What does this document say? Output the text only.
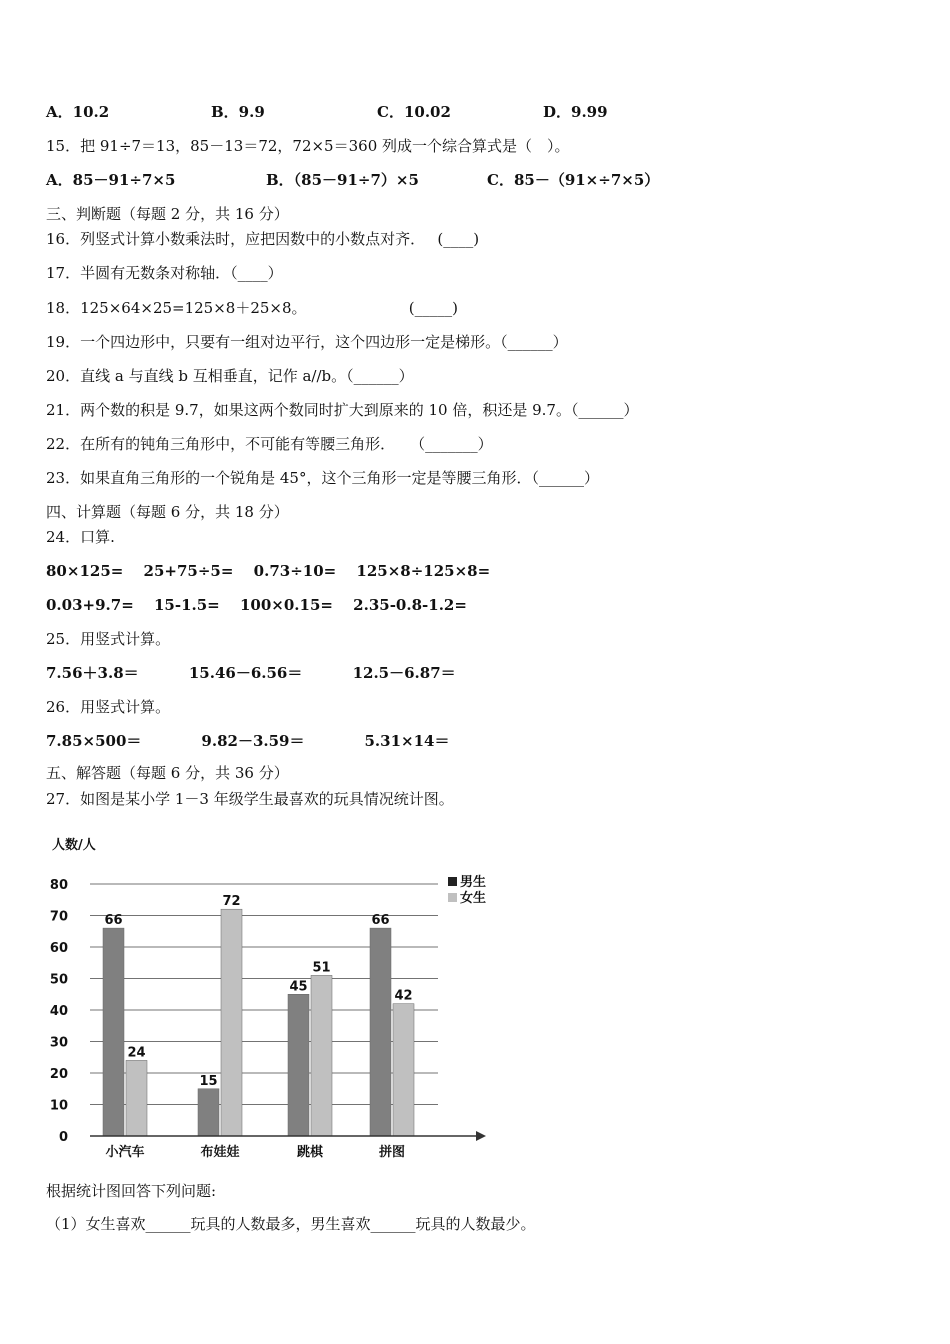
A．10.2	B．9.9	C．10.02	D．9.99
15．把 91÷7＝13，85－13＝72，72×5＝360 列成一个综合算式是（　）。
A．85－91÷7×5	B．（85－91÷7）×5	C．85－（91×÷7×5）
三、判断题（每题 2 分，共 16 分）
16．列竖式计算小数乘法时，应把因数中的小数点对齐．　 (____)
17．半圆有无数条对称轴．（____）
18．125×64×25=125×8＋25×8。　　　　　　　 (_____)
19．一个四边形中，只要有一组对边平行，这个四边形一定是梯形。（______）
20．直线 a 与直线 b 互相垂直，记作 a//b。（______）
21．两个数的积是 9.7，如果这两个数同时扩大到原来的 10 倍，积还是 9.7。（______）
22．在所有的钝角三角形中，不可能有等腰三角形．　　（_______）
23．如果直角三角形的一个锐角是 45°，这个三角形一定是等腰三角形．（______）
四、计算题（每题 6 分，共 18 分）
24．口算.
80×125=　 25+75÷5=　 0.73÷10=　 125×8÷125×8=
0.03+9.7=　 15-1.5=　 100×0.15=　 2.35-0.8-1.2=
25．用竖式计算。
7.56＋3.8＝　　　 15.46－6.56＝　　　 12.5－6.87＝
26．用竖式计算。
7.85×500＝　　　　9.82－3.59＝　　　　5.31×14＝
五、解答题（每题 6 分，共 36 分）
27．如图是某小学 1－3 年级学生最喜欢的玩具情况统计图。
人数/人
0
10
20
30
40
50
60
70
80
66
24
小汽车
15
72
布娃娃
45
51
跳棋
66
42
拼图
男生
女生
根据统计图回答下列问题:
（1）女生喜欢______玩具的人数最多，男生喜欢______玩具的人数最少。
